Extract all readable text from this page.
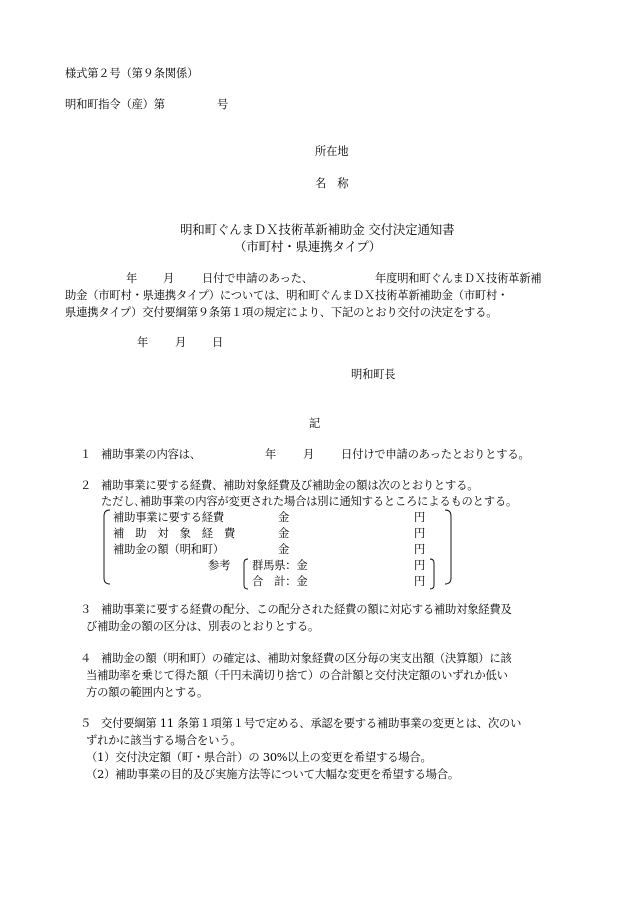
様式第２号（第９条関係）
明和町指令（産）第	号
所在地
名　称
明和町ぐんまＤＸ技術革新補助金 交付決定通知書
（市町村・県連携タイプ）
年 月 日付で申請のあった、	年度明和町ぐんまＤＸ技術革新補
助金（市町村・県連携タイプ）については、明和町ぐんまＤＸ技術革新補助金（市町村・
県連携タイプ）交付要綱第９条第１項の規定により、下記のとおり交付の決定をする。
年 月 日
明和町長
記
１ 補助事業の内容は、	年 月 日付けで申請のあったとおりとする。
２ 補助事業に要する経費、補助対象経費及び補助金の額は次のとおりとする。
ただし､補助事業の内容が変更された場合は別に通知するところによるものとする。
補助事業に要する経費	金	円
補　助　対　象　経　費	金	円
補助金の額（明和町）	金	円
参考 群馬県：金	円
合　計：金	円
３ 補助事業に要する経費の配分、この配分された経費の額に対応する補助対象経費及
び補助金の額の区分は、別表のとおりとする。
４ 補助金の額（明和町）の確定は、補助対象経費の区分毎の実支出額（決算額）に該
当補助率を乗じて得た額（千円未満切り捨て）の合計額と交付決定額のいずれか低い
方の額の範囲内とする。
５ 交付要綱第 11 条第１項第１号で定める、承認を要する補助事業の変更とは、次のい
ずれかに該当する場合をいう。
（1）交付決定額（町・県合計）の 30%以上の変更を希望する場合。
（2）補助事業の目的及び実施方法等について大幅な変更を希望する場合。
